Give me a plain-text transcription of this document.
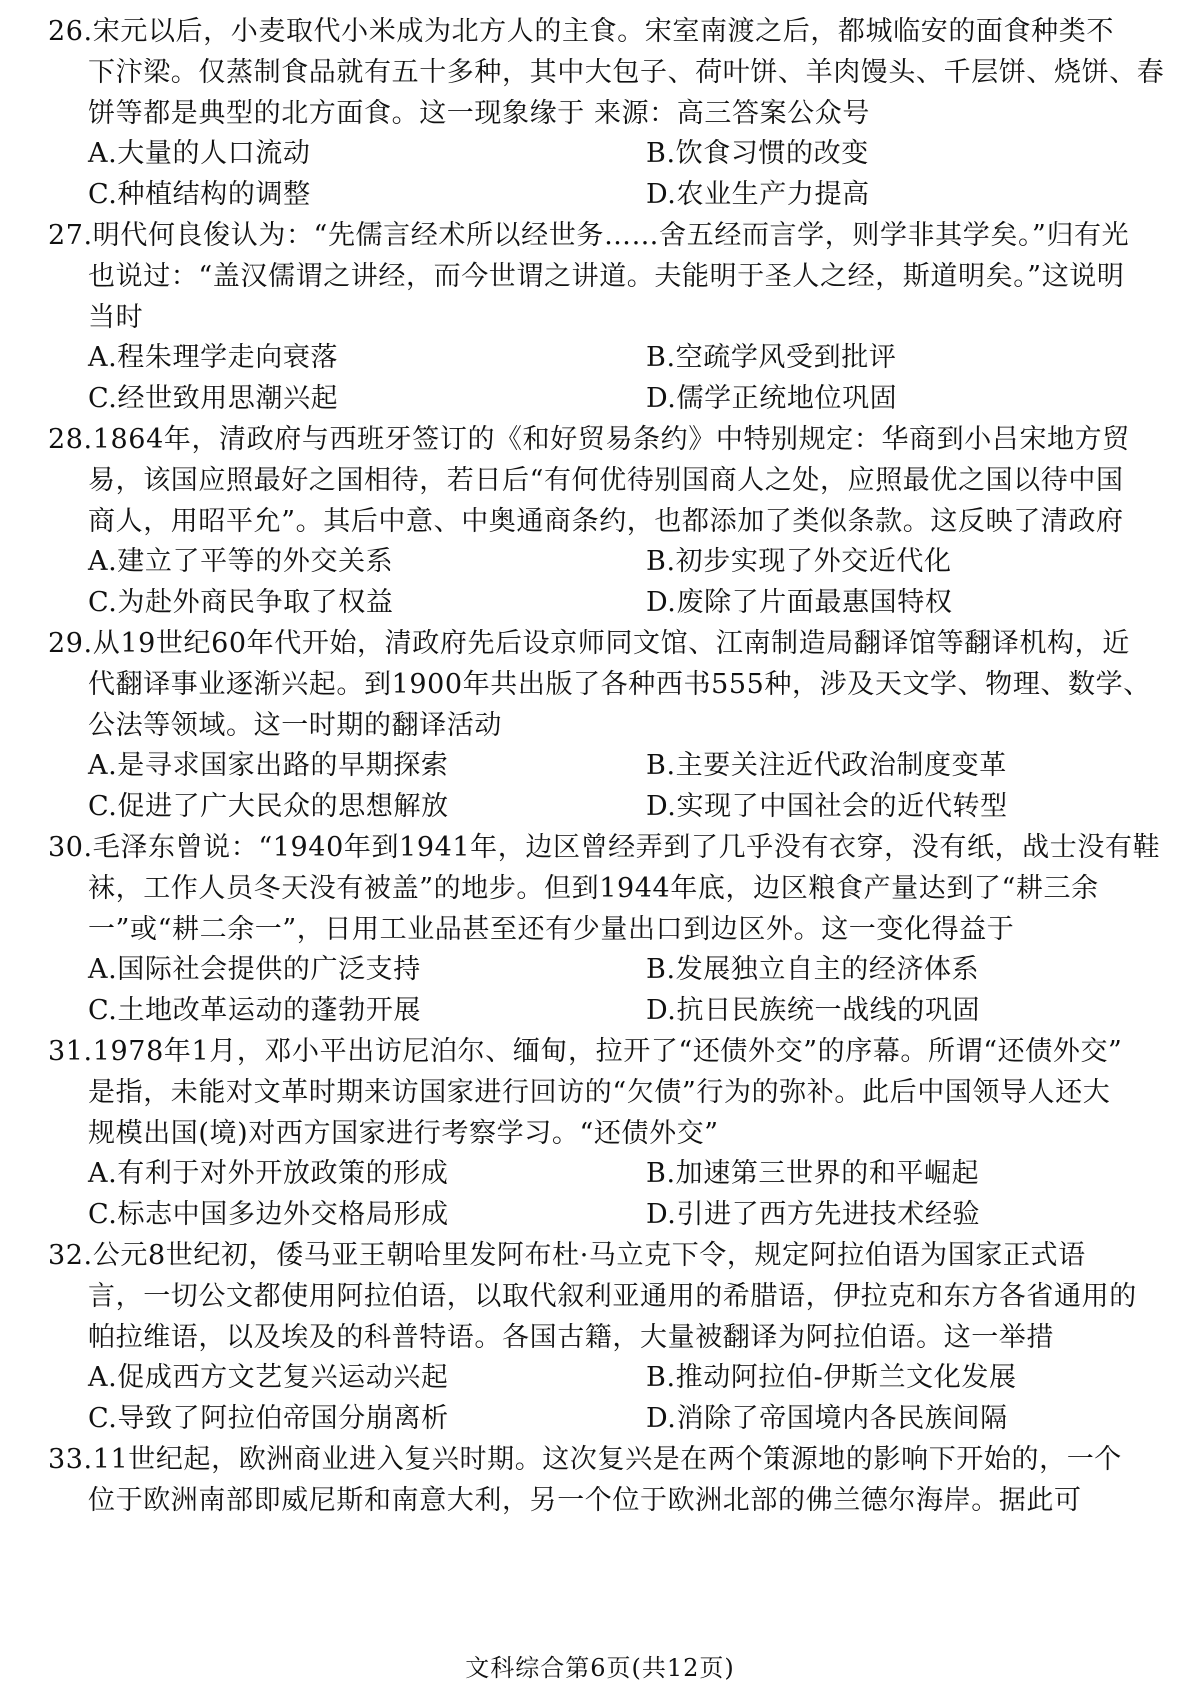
26.宋元以后，小麦取代小米成为北方人的主食。宋室南渡之后，都城临安的面食种类不
下汴梁。仅蒸制食品就有五十多种，其中大包子、荷叶饼、羊肉馒头、千层饼、烧饼、春
饼等都是典型的北方面食。这一现象缘于 来源：高三答案公众号
A.大量的人口流动	B.饮食习惯的改变
C.种植结构的调整	D.农业生产力提高
27.明代何良俊认为：“先儒言经术所以经世务……舍五经而言学，则学非其学矣。”归有光
也说过：“盖汉儒谓之讲经，而今世谓之讲道。夫能明于圣人之经，斯道明矣。”这说明
当时
A.程朱理学走向衰落	B.空疏学风受到批评
C.经世致用思潮兴起	D.儒学正统地位巩固
28.1864年，清政府与西班牙签订的《和好贸易条约》中特别规定：华商到小吕宋地方贸
易，该国应照最好之国相待，若日后“有何优待别国商人之处，应照最优之国以待中国
商人，用昭平允”。其后中意、中奥通商条约，也都添加了类似条款。这反映了清政府
A.建立了平等的外交关系	B.初步实现了外交近代化
C.为赴外商民争取了权益	D.废除了片面最惠国特权
29.从19世纪60年代开始，清政府先后设京师同文馆、江南制造局翻译馆等翻译机构，近
代翻译事业逐渐兴起。到1900年共出版了各种西书555种，涉及天文学、物理、数学、
公法等领域。这一时期的翻译活动
A.是寻求国家出路的早期探索	B.主要关注近代政治制度变革
C.促进了广大民众的思想解放	D.实现了中国社会的近代转型
30.毛泽东曾说：“1940年到1941年，边区曾经弄到了几乎没有衣穿，没有纸，战士没有鞋
袜，工作人员冬天没有被盖”的地步。但到1944年底，边区粮食产量达到了“耕三余
一”或“耕二余一”，日用工业品甚至还有少量出口到边区外。这一变化得益于
A.国际社会提供的广泛支持	B.发展独立自主的经济体系
C.土地改革运动的蓬勃开展	D.抗日民族统一战线的巩固
31.1978年1月，邓小平出访尼泊尔、缅甸，拉开了“还债外交”的序幕。所谓“还债外交”
是指，未能对文革时期来访国家进行回访的“欠债”行为的弥补。此后中国领导人还大
规模出国(境)对西方国家进行考察学习。“还债外交”
A.有利于对外开放政策的形成	B.加速第三世界的和平崛起
C.标志中国多边外交格局形成	D.引进了西方先进技术经验
32.公元8世纪初，倭马亚王朝哈里发阿布杜·马立克下令，规定阿拉伯语为国家正式语
言，一切公文都使用阿拉伯语，以取代叙利亚通用的希腊语，伊拉克和东方各省通用的
帕拉维语，以及埃及的科普特语。各国古籍，大量被翻译为阿拉伯语。这一举措
A.促成西方文艺复兴运动兴起	B.推动阿拉伯-伊斯兰文化发展
C.导致了阿拉伯帝国分崩离析	D.消除了帝国境内各民族间隔
33.11世纪起，欧洲商业进入复兴时期。这次复兴是在两个策源地的影响下开始的，一个
位于欧洲南部即威尼斯和南意大利，另一个位于欧洲北部的佛兰德尔海岸。据此可
文科综合第6页(共12页)
